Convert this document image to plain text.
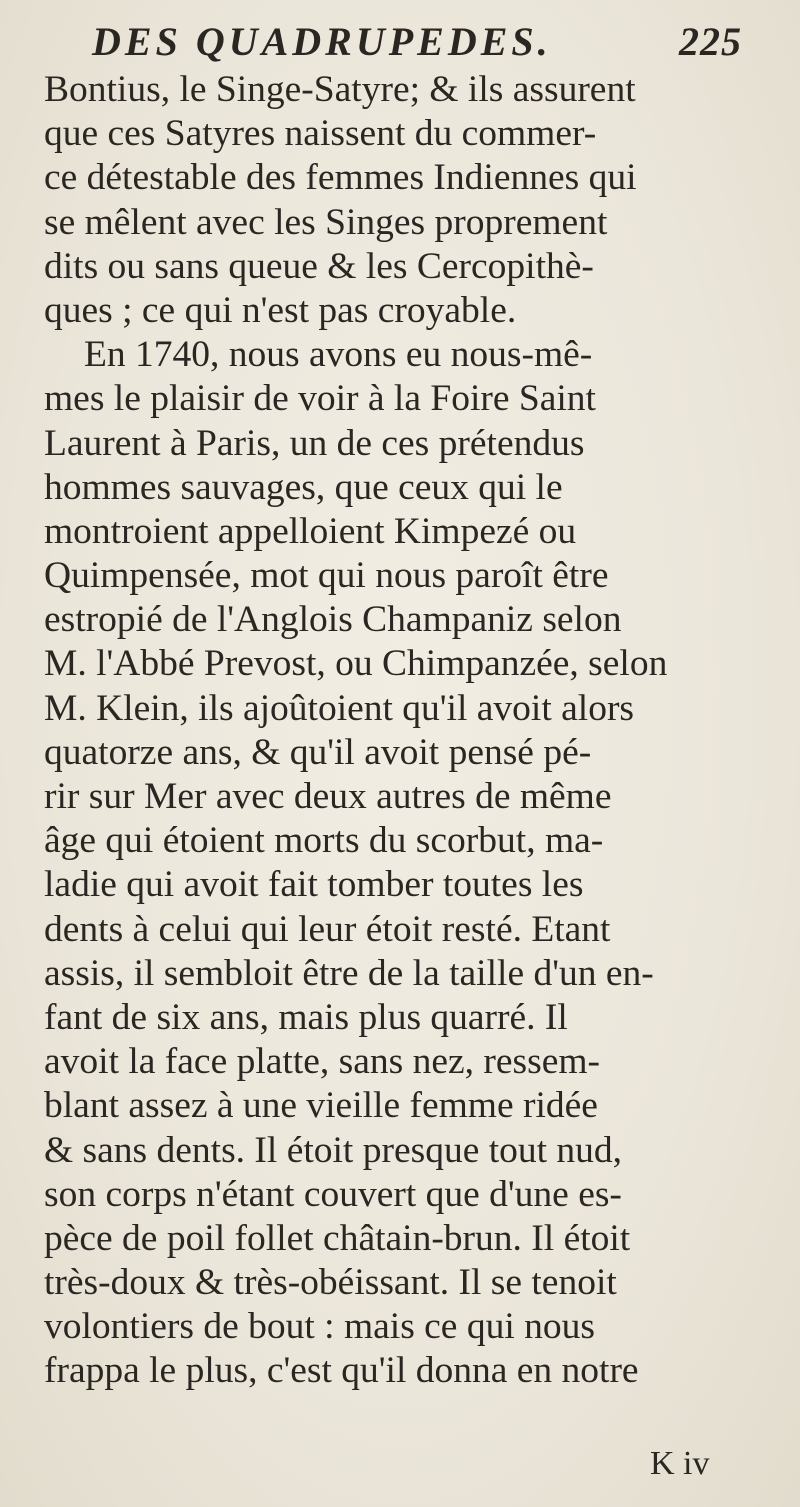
DES QUADRUPEDES.	225
Bontius, le Singe-Satyre; & ils assurent
que ces Satyres naissent du commer-
ce détestable des femmes Indiennes qui
se mêlent avec les Singes proprement
dits ou sans queue & les Cercopithè-
ques ; ce qui n'est pas croyable.
En 1740, nous avons eu nous-mê-
mes le plaisir de voir à la Foire Saint
Laurent à Paris, un de ces prétendus
hommes sauvages, que ceux qui le
montroient appelloient Kimpezé ou
Quimpensée, mot qui nous paroît être
estropié de l'Anglois Champaniz selon
M. l'Abbé Prevost, ou Chimpanzée, selon
M. Klein, ils ajoûtoient qu'il avoit alors
quatorze ans, & qu'il avoit pensé pé-
rir sur Mer avec deux autres de même
âge qui étoient morts du scorbut, ma-
ladie qui avoit fait tomber toutes les
dents à celui qui leur étoit resté. Etant
assis, il sembloit être de la taille d'un en-
fant de six ans, mais plus quarré. Il
avoit la face platte, sans nez, ressem-
blant assez à une vieille femme ridée
& sans dents. Il étoit presque tout nud,
son corps n'étant couvert que d'une es-
pèce de poil follet châtain-brun. Il étoit
très-doux & très-obéissant. Il se tenoit
volontiers de bout : mais ce qui nous
frappa le plus, c'est qu'il donna en notre
K iv
